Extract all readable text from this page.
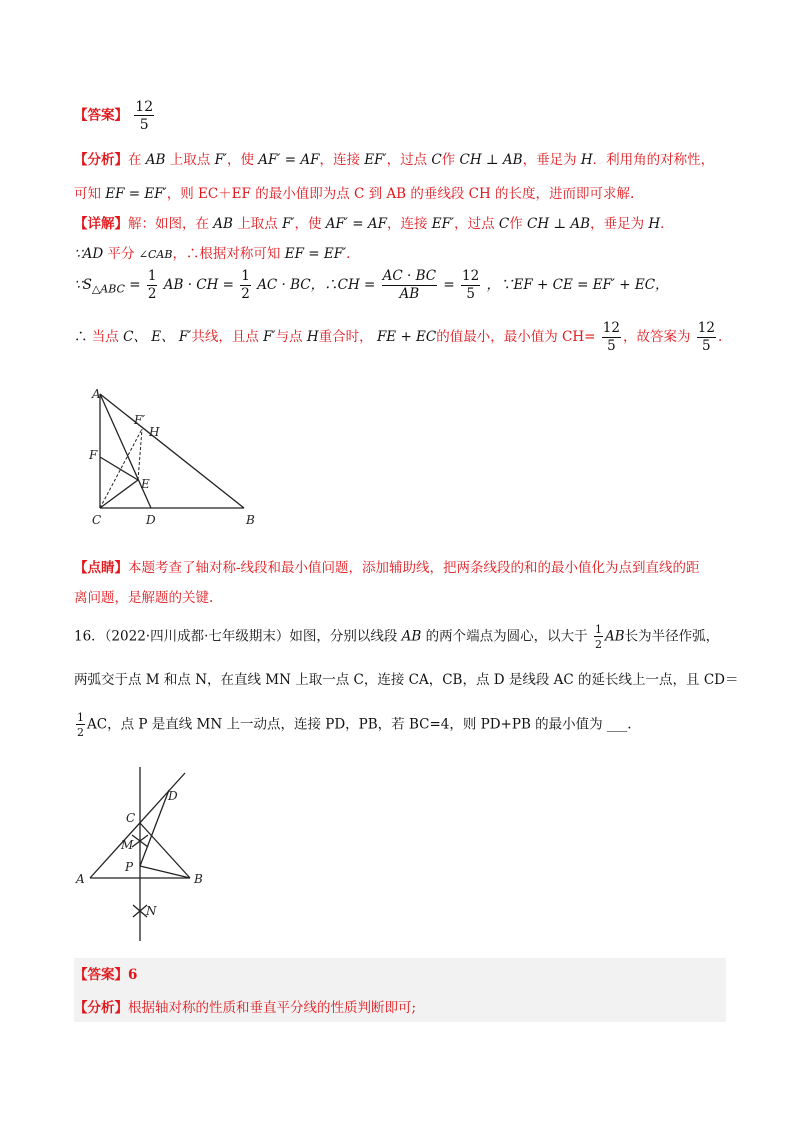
【答案】 $\frac{12}{5}$
【分析】在 AB 上取点 F′，使 AF′ = AF，连接 EF′，过点 C作 CH ⊥ AB，垂足为 H．利用角的对称性，
可知 EF = EF′，则 EC＋EF 的最小值即为点 C 到 AB 的垂线段 CH 的长度，进而即可求解.
【详解】解：如图，在 AB 上取点 F′，使 AF′ = AF，连接 EF′，过点 C作 CH ⊥ AB，垂足为 H．
∵AD 平分 ∠CAB，∴根据对称可知 EF = EF′．
$\because S_{\triangle ABC} = \frac{1}{2}$ AB · CH = $\frac{1}{2}$ AC · BC，∴CH = $\frac{AC \cdot BC}{AB} = \frac{12}{5}$ ，∵EF + CE = EF′ + EC，
∴ 当点 C、 E、 F′共线，且点 F′与点 H重合时， FE + EC的值最小，最小值为 $CH= \frac{12}{5}$ ，故答案为 $\frac{12}{5}$ .
A
B
C	D
E
F
F′
H
【点睛】本题考查了轴对称-线段和最小值问题，添加辅助线，把两条线段的和的最小值化为点到直线的距
离问题，是解题的关键.
16．（2022·四川成都·七年级期末）如图，分别以线段 AB 的两个端点为圆心，以大于 $\frac{1}{2}$ AB长为半径作弧，
两弧交于点 M 和点 N，在直线 MN 上取一点 C，连接 CA，CB，点 D 是线段 AC 的延长线上一点，且 CD＝
$\frac{1}{2}$ AC，点 P 是直线 MN 上一动点，连接 PD，PB，若 BC=4，则 PD+PB 的最小值为 ___.
A	B
C
D
M
N
P
【答案】6
【分析】根据轴对称的性质和垂直平分线的性质判断即可;
